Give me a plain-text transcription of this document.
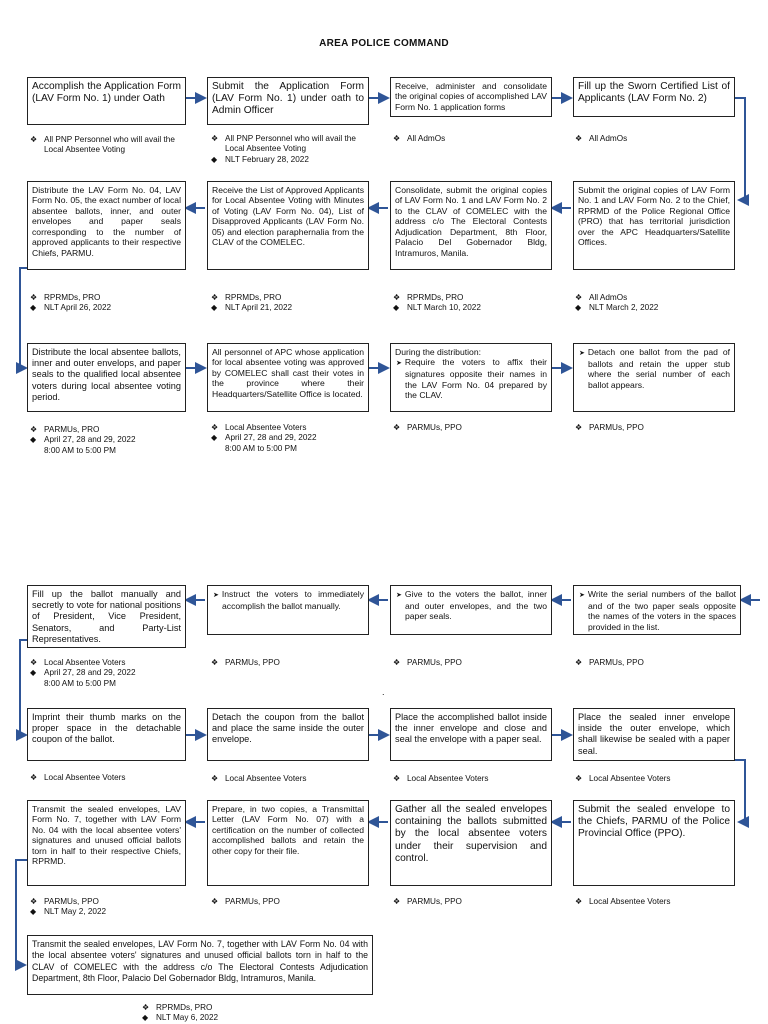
AREA POLICE COMMAND
Accomplish the Application Form (LAV Form No. 1) under Oath
Submit the Application Form (LAV Form No. 1) under oath to Admin Officer
Receive, administer and consolidate the original copies of accomplished LAV Form No. 1 application forms
Fill up the Sworn Certified List of Applicants (LAV Form No. 2)
❖ All PNP Personnel who will avail the Local Absentee Voting
❖ All PNP Personnel who will avail the Local Absentee Voting
◆ NLT February 28, 2022
❖ All AdmOs	❖ All AdmOs
Distribute the LAV Form No. 04, LAV Form No. 05, the exact number of local absentee ballots, inner, and outer envelopes and paper seals corresponding to the number of approved applicants to their respective Chiefs, PARMU.
Receive the List of Approved Applicants for Local Absentee Voting with Minutes of Voting (LAV Form No. 04), List of Disapproved Applicants (LAV Form No. 05) and election paraphernalia from the CLAV of the COMELEC.
Consolidate, submit the original copies of LAV Form No. 1 and LAV Form No. 2 to the CLAV of COMELEC with the address c/o The Electoral Contests Adjudication Department, 8th Floor, Palacio Del Gobernador Bldg, Intramuros, Manila.
Submit the original copies of LAV Form No. 1 and LAV Form No. 2 to the Chief, RPRMD of the Police Regional Office (PRO) that has territorial jurisdiction over the APC Headquarters/Satellite Offices.
❖ RPRMDs, PRO
◆ NLT April 26, 2022
❖ RPRMDs, PRO
◆ NLT April 21, 2022
❖ RPRMDs, PRO
◆ NLT March 10, 2022
❖ All AdmOs
◆ NLT March 2, 2022
Distribute the local absentee ballots, inner and outer envelops, and paper seals to the qualified local absentee voters during local absentee voting period.
All personnel of APC whose application for local absentee voting was approved by COMELEC shall cast their votes in the province where their Headquarters/Satellite Office is located.
During the distribution:
➤ Require the voters to affix their signatures opposite their names in the LAV Form No. 04 prepared by the CLAV.
➤ Detach one ballot from the pad of ballots and retain the upper stub where the serial number of each ballot appears.
❖ PARMUs, PRO
◆ April 27, 28 and 29, 2022
8:00 AM to 5:00 PM
❖ Local Absentee Voters
◆ April 27, 28 and 29, 2022
8:00 AM to 5:00 PM
❖ PARMUs, PPO	❖ PARMUs, PPO
Fill up the ballot manually and secretly to vote for national positions of President, Vice President, Senators, and Party-List Representatives.
➤ Instruct the voters to immediately accomplish the ballot manually.
➤ Give to the voters the ballot, inner and outer envelopes, and the two paper seals.
➤ Write the serial numbers of the ballot and of the two paper seals opposite the names of the voters in the spaces provided in the list.
❖ Local Absentee Voters
◆ April 27, 28 and 29, 2022
8:00 AM to 5:00 PM
❖ PARMUs, PPO	❖ PARMUs, PPO	❖ PARMUs, PPO
.
Imprint their thumb marks on the proper space in the detachable coupon of the ballot.
Detach the coupon from the ballot and place the same inside the outer envelope.
Place the accomplished ballot inside the inner envelope and close and seal the envelope with a paper seal.
Place the sealed inner envelope inside the outer envelope, which shall likewise be sealed with a paper seal.
❖ Local Absentee Voters	❖ Local Absentee Voters	❖ Local Absentee Voters	❖ Local Absentee Voters
Transmit the sealed envelopes, LAV Form No. 7, together with LAV Form No. 04 with the local absentee voters' signatures and unused official ballots torn in half to their respective Chiefs, RPRMD.
Prepare, in two copies, a Transmittal Letter (LAV Form No. 07) with a certification on the number of collected accomplished ballots and retain the other copy for their file.
Gather all the sealed envelopes containing the ballots submitted by the local absentee voters under their supervision and control.
Submit the sealed envelope to the Chiefs, PARMU of the Police Provincial Office (PPO).
❖ PARMUs, PPO
◆ NLT May 2, 2022
❖ PARMUs, PPO	❖ PARMUs, PPO	❖ Local Absentee Voters
Transmit the sealed envelopes, LAV Form No. 7, together with LAV Form No. 04 with the local absentee voters' signatures and unused official ballots torn in half to the CLAV of COMELEC with the address c/o The Electoral Contests Adjudication Department, 8th Floor, Palacio Del Gobernador Bldg, Intramuros, Manila.
❖ RPRMDs, PRO
◆ NLT May 6, 2022
